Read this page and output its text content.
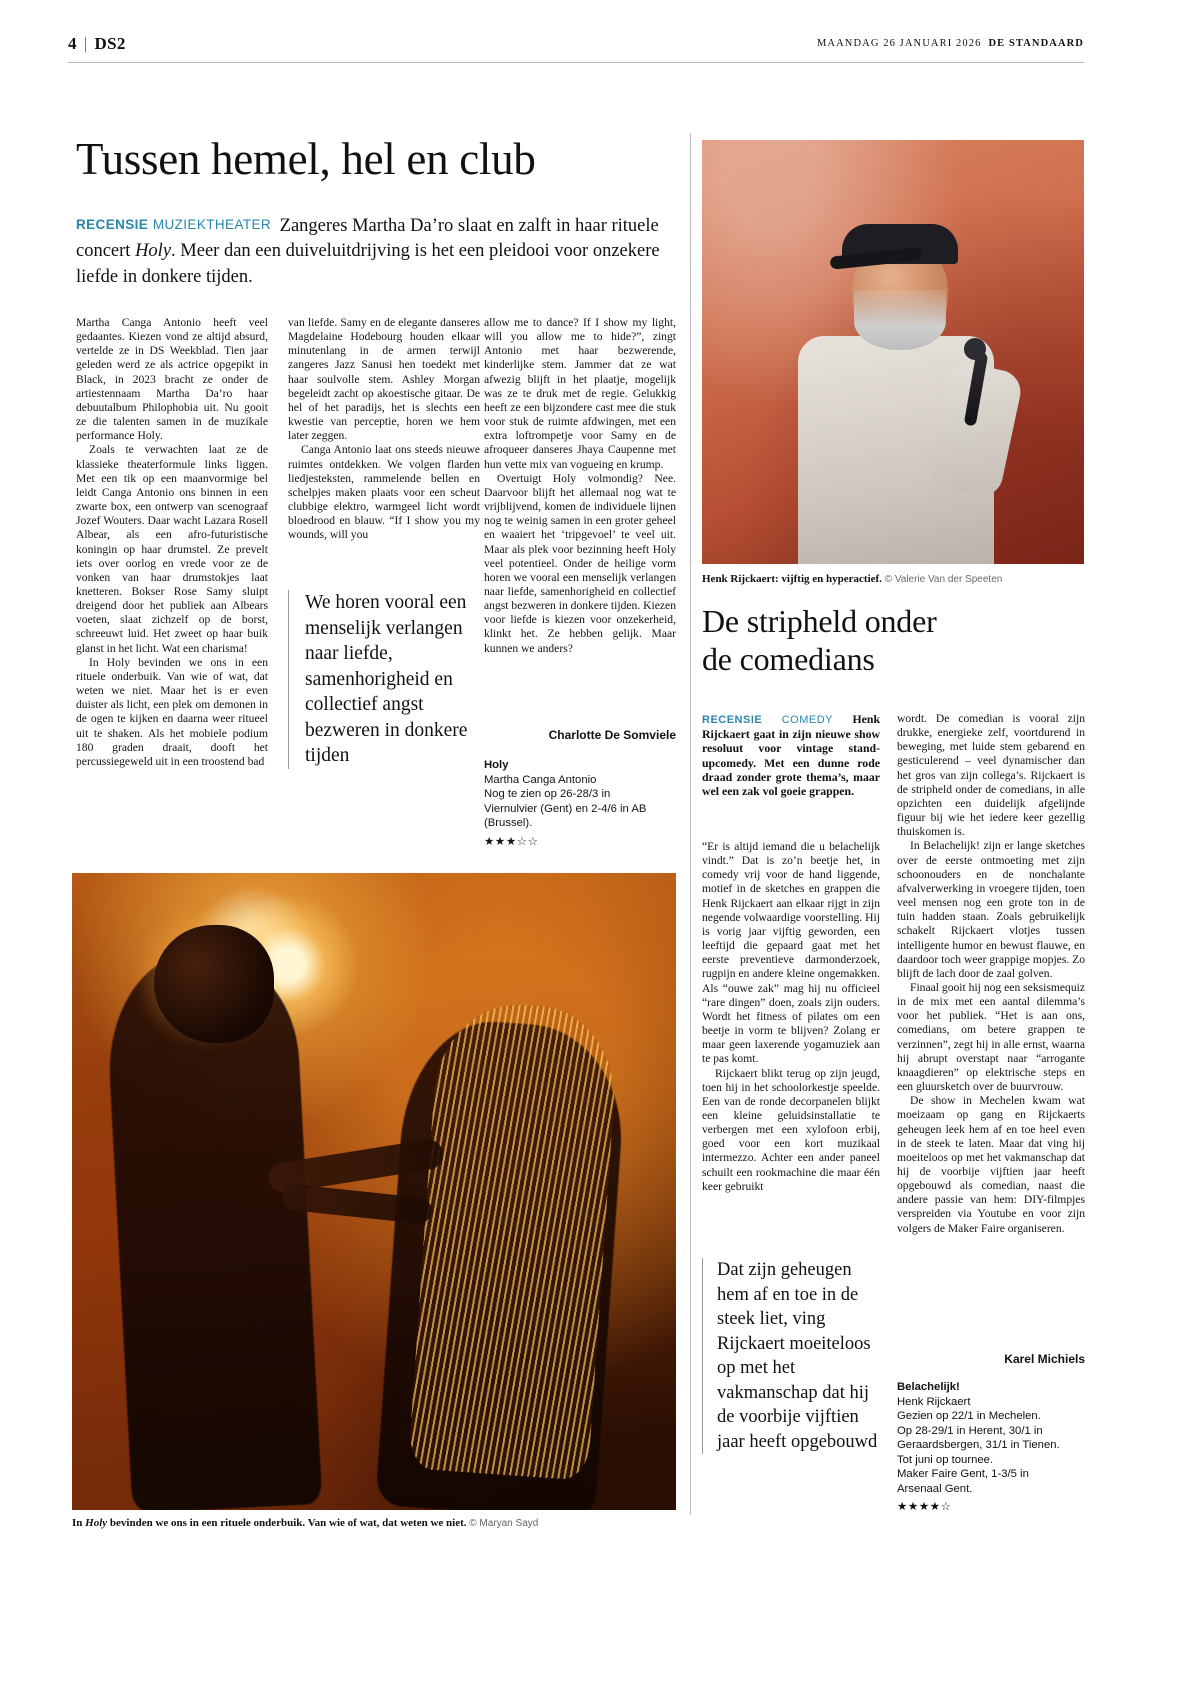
4 | DS2	MAANDAG 26 JANUARI 2026 DE STANDAARD
Tussen hemel, hel en club
RECENSIE MUZIEKTHEATER Zangeres Martha Da’ro slaat en zalft in haar rituele concert Holy. Meer dan een duiveluitdrijving is het een pleidooi voor onzekere liefde in donkere tijden.

Martha Canga Antonio heeft veel gedaantes. Kiezen vond ze altijd absurd, vertelde ze in DS Weekblad. Tien jaar geleden werd ze als actrice opgepikt in Black, in 2023 bracht ze onder de artiestennaam Martha Da’ro haar debuutalbum Philophobia uit. Nu gooit ze die talenten samen in de muzikale performance Holy.

Zoals te verwachten laat ze de klassieke theaterformule links liggen. Met een tik op een maanvormige bel leidt Canga Antonio ons binnen in een zwarte box, een ontwerp van scenograaf Jozef Wouters. Daar wacht Lazara Rosell Albear, als een afro-futuristische koningin op haar drumstel. Ze prevelt iets over oorlog en vrede voor ze de vonken van haar drumstokjes laat knetteren. Bokser Rose Samy sluipt dreigend door het publiek aan Albears voeten, slaat zichzelf op de borst, schreeuwt luid. Het zweet op haar buik glanst in het licht. Wat een charisma!

In Holy bevinden we ons in een rituele onderbuik. Van wie of wat, dat weten we niet. Maar het is er even duister als licht, een plek om demonen in de ogen te kijken en daarna weer ritueel uit te shaken. Als het mobiele podium 180 graden draait, dooft het percussiegeweld uit in een troostend bad

van liefde. Samy en de elegante danseres Magdelaine Hodebourg houden elkaar minutenlang in de armen terwijl zangeres Jazz Sanusi hen toedekt met haar soulvolle stem. Ashley Morgan begeleidt zacht op akoestische gitaar. De hel of het paradijs, het is slechts een kwestie van perceptie, horen we hem later zeggen.

Canga Antonio laat ons steeds nieuwe ruimtes ontdekken. We volgen flarden liedjesteksten, rammelende bellen en schelpjes maken plaats voor een scheut clubbige elektro, warmgeel licht wordt bloedrood en blauw. “If I show you my wounds, will you

allow me to dance? If I show my light, will you allow me to hide?”, zingt Antonio met haar bezwerende, kinderlijke stem. Jammer dat ze wat afwezig blijft in het plaatje, mogelijk was ze te druk met de regie. Gelukkig heeft ze een bijzondere cast mee die stuk voor stuk de ruimte afdwingen, met een extra loftrompetje voor Samy en de afroqueer danseres Jhaya Caupenne met hun vette mix van vogueing en krump.

Overtuigt Holy volmondig? Nee. Daarvoor blijft het allemaal nog wat te vrijblijvend, komen de individuele lijnen nog te weinig samen in een groter geheel en waaiert het ‘tripgevoel’ te veel uit. Maar als plek voor bezinning heeft Holy veel potentieel. Onder de heilige vorm horen we vooral een menselijk verlangen naar liefde, samenhorigheid en collectief angst bezweren in donkere tijden. Kiezen voor liefde is kiezen voor onzekerheid, klinkt het. Ze hebben gelijk. Maar kunnen we anders?

We horen vooral een menselijk verlangen naar liefde, samenhorigheid en collectief angst bezweren in donkere tijden
Charlotte De Somviele
Holy
Martha Canga Antonio
Nog te zien op 26-28/3 in
Viernulvier (Gent) en 2-4/6 in AB
(Brussel).
★★★☆☆
In Holy bevinden we ons in een rituele onderbuik. Van wie of wat, dat weten we niet. © Maryan Sayd
Henk Rijckaert: vijftig en hyperactief. © Valerie Van der Speeten
De stripheld onder
de comedians
RECENSIE COMEDY Henk Rijckaert gaat in zijn nieuwe show resoluut voor vintage stand-upcomedy. Met een dunne rode draad zonder grote thema’s, maar wel een zak vol goeie grappen.

“Er is altijd iemand die u belachelijk vindt.” Dat is zo’n beetje het, in comedy vrij voor de hand liggende, motief in de sketches en grappen die Henk Rijckaert aan elkaar rijgt in zijn negende volwaardige voorstelling. Hij is vorig jaar vijftig geworden, een leeftijd die gepaard gaat met het eerste preventieve darmonderzoek, rugpijn en andere kleine ongemakken. Als “ouwe zak” mag hij nu officieel “rare dingen” doen, zoals zijn ouders. Wordt het fitness of pilates om een beetje in vorm te blijven? Zolang er maar geen laxerende yogamuziek aan te pas komt.

Rijckaert blikt terug op zijn jeugd, toen hij in het schoolorkestje speelde. Een van de ronde decorpanelen blijkt een kleine geluidsinstallatie te verbergen met een xylofoon erbij, goed voor een kort muzikaal intermezzo. Achter een ander paneel schuilt een rookmachine die maar één keer gebruikt

wordt. De comedian is vooral zijn drukke, energieke zelf, voortdurend in beweging, met luide stem gebarend en gesticulerend – veel dynamischer dan het gros van zijn collega’s. Rijckaert is de stripheld onder de comedians, in alle opzichten een duidelijk afgelijnde figuur bij wie het iedere keer gezellig thuiskomen is.

In Belachelijk! zijn er lange sketches over de eerste ontmoeting met zijn schoonouders en de nonchalante afvalverwerking in vroegere tijden, toen veel mensen nog een grote ton in de tuin hadden staan. Zoals gebruikelijk schakelt Rijckaert vlotjes tussen intelligente humor en bewust flauwe, en daardoor toch weer grappige mopjes. Zo blijft de lach door de zaal golven.

Finaal gooit hij nog een seksismequiz in de mix met een aantal dilemma’s voor het publiek. “Het is aan ons, comedians, om betere grappen te verzinnen”, zegt hij in alle ernst, waarna hij abrupt overstapt naar “arrogante knaagdieren” op elektrische steps en een gluursketch over de buurvrouw.

De show in Mechelen kwam wat moeizaam op gang en Rijckaerts geheugen leek hem af en toe heel even in de steek te laten. Maar dat ving hij moeiteloos op met het vakmanschap dat hij de voorbije vijftien jaar heeft opgebouwd als comedian, naast die andere passie van hem: DIY-filmpjes verspreiden via Youtube en voor zijn volgers de Maker Faire organiseren.

Dat zijn geheugen hem af en toe in de steek liet, ving Rijckaert moeiteloos op met het vakmanschap dat hij de voorbije vijftien jaar heeft opgebouwd
Karel Michiels
Belachelijk!
Henk Rijckaert
Gezien op 22/1 in Mechelen.
Op 28-29/1 in Herent, 30/1 in
Geraardsbergen, 31/1 in Tienen.
Tot juni op tournee.
Maker Faire Gent, 1-3/5 in
Arsenaal Gent.
★★★★☆
